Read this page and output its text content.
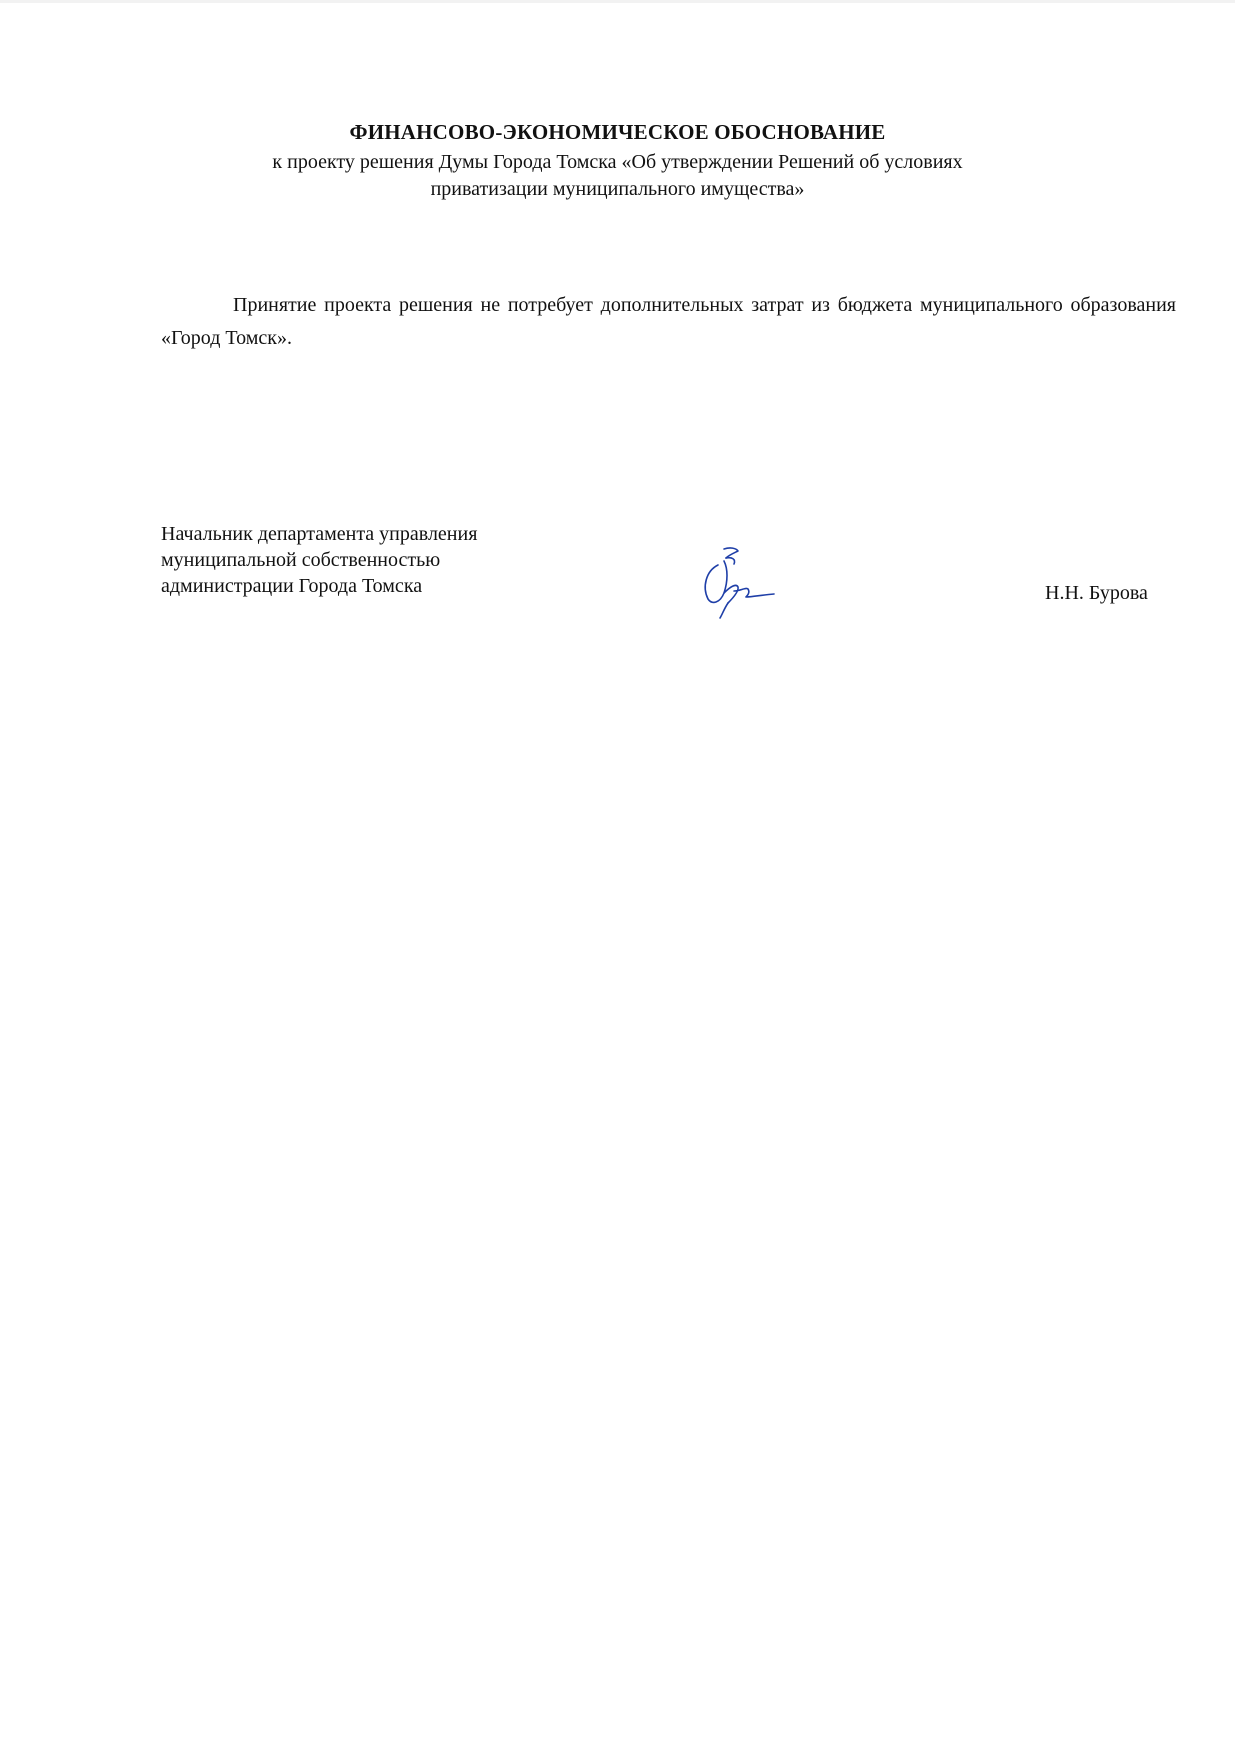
ФИНАНСОВО-ЭКОНОМИЧЕСКОЕ ОБОСНОВАНИЕ
к проекту решения Думы Города Томска «Об утверждении Решений об условиях
приватизации муниципального имущества»
Принятие проекта решения не потребует дополнительных затрат из бюджета муниципального образования «Город Томск».
Начальник департамента управления
муниципальной собственностью
администрации Города Томска	Н.Н. Бурова
